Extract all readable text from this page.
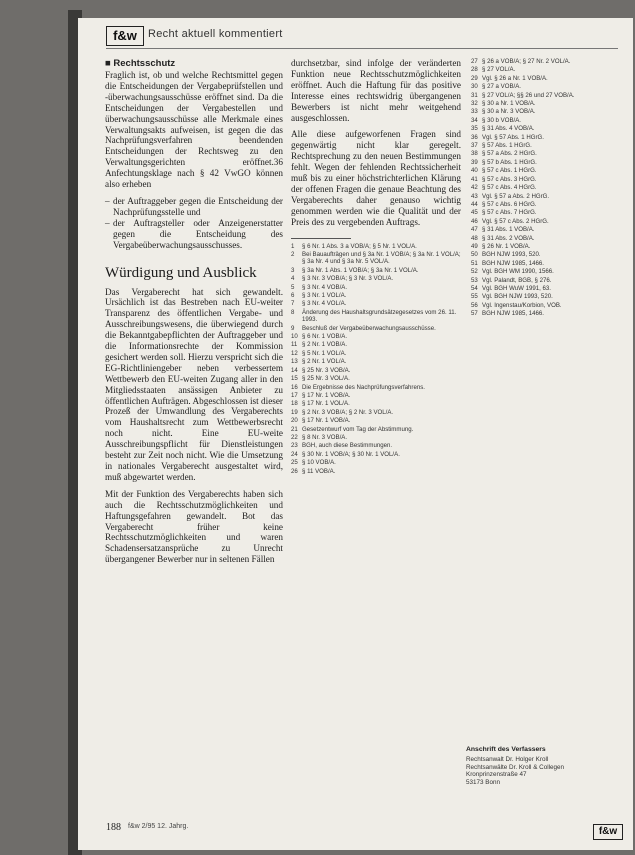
f&w	Recht aktuell kommentiert
■ Rechtsschutz

Fraglich ist, ob und welche Rechtsmittel gegen die Entscheidungen der Vergabeprüfstellen und -überwachungsausschüsse eröffnet sind. Da die Entscheidungen der Vergabestellen und überwachungsausschüsse alle Merkmale eines Verwaltungsakts aufweisen, ist gegen die das Nachprüfungsverfahren beendenden Entscheidungen der Rechtsweg zu den Verwaltungsgerichten eröffnet.36 Anfechtungsklage nach § 42 VwGO können also erheben

– der Auftraggeber gegen die Entscheidung der Nachprüfungsstelle und
– der Auftragsteller oder Anzeigenerstatter gegen die Entscheidung des Vergabeüberwachungsausschusses.
Würdigung und Ausblick

Das Vergaberecht hat sich gewandelt. Ursächlich ist das Bestreben nach EU-weiter Transparenz des öffentlichen Vergabe- und Ausschreibungswesens, die überwiegend durch die Bekanntgabepflichten der Auftraggeber und die Informationsrechte der Kommission gesichert werden soll. Hierzu verspricht sich die EG-Richtliniengeber neben verbessertem Wettbewerb den EU-weiten Zugang aller in den Mitgliedsstaaten ansässigen Anbieter zu öffentlichen Aufträgen. Abgeschlossen ist dieser Prozeß der Umwandlung des Vergaberechts vom Haushaltsrecht zum Wettbewerbsrecht noch nicht. Eine EU-weite Ausschreibungspflicht für Dienstleistungen besteht zur Zeit noch nicht. Wie die Umsetzung in nationales Vergaberecht ausgestaltet wird, muß abgewartet werden.

Mit der Funktion des Vergaberechts haben sich auch die Rechtsschutzmöglichkeiten und Haftungsgefahren gewandelt. Bot das Vergaberecht früher keine Rechtsschutzmöglichkeiten und waren Schadensersatzansprüche zu Unrecht übergangener Bewerber nur in seltenen Fällen

durchsetzbar, sind infolge der veränderten Funktion neue Rechtsschutzmöglichkeiten eröffnet. Auch die Haftung für das positive Interesse eines rechtswidrig übergangenen Bewerbers ist nicht mehr weitgehend ausgeschlossen.

Alle diese aufgeworfenen Fragen sind gegenwärtig nicht klar geregelt. Rechtsprechung zu den neuen Bestimmungen fehlt. Wegen der fehlenden Rechtssicherheit muß bis zu einer höchstrichterlichen Klärung der offenen Fragen die genaue Beachtung des Vergaberechts daher genauso wichtig genommen werden wie die Qualität und der Preis des zu vergebenden Auftrags.

1	§ 6 Nr. 1 Abs. 3 a VOB/A; § 5 Nr. 1 VOL/A.
2	Bei Bauaufträgen und § 3a Nr. 1 VOB/A; § 3a Nr. 1 VOL/A; § 3a Nr. 4 und § 3a Nr. 5 VOL/A.
3	§ 3a Nr. 1 Abs. 1 VOB/A; § 3a Nr. 1 VOL/A.
4	§ 3 Nr. 3 VOB/A; § 3 Nr. 3 VOL/A.
5	§ 3 Nr. 4 VOB/A.
6	§ 3 Nr. 1 VOL/A.
7	§ 3 Nr. 4 VOL/A.
8	Änderung des Haushaltsgrundsätzegesetzes vom 26. 11. 1993.
9	Beschluß der Vergabeüberwachungsausschüsse.
10 § 6 Nr. 1 VOB/A.
11 § 2 Nr. 1 VOB/A.
12 § 5 Nr. 1 VOL/A.
13 § 2 Nr. 1 VOL/A.
14 § 25 Nr. 3 VOB/A.
15 § 25 Nr. 3 VOL/A.
16 Die Ergebnisse des Nachprüfungsverfahrens.
17 § 17 Nr. 1 VOB/A.
18 § 17 Nr. 1 VOL/A.
19 § 2 Nr. 3 VOB/A; § 2 Nr. 3 VOL/A.
20 § 17 Nr. 1 VOB/A.
21 Gesetzentwurf vom Tag der Abstimmung.
22 § 8 Nr. 3 VOB/A.
23 BGH, auch diese Bestimmungen.
24 § 30 Nr. 1 VOB/A; § 30 Nr. 1 VOL/A.
25 § 10 VOB/A.
26 § 11 VOB/A.
27 § 26 a VOB/A; § 27 Nr. 2 VOL/A.
28 § 27 VOL/A.
29 Vgl. § 26 a Nr. 1 VOB/A.
30 § 27 a VOB/A.
31 § 27 VOL/A; §§ 26 und 27 VOB/A.
32 § 30 a Nr. 1 VOB/A.
33 § 30 a Nr. 3 VOB/A.
34 § 30 b VOB/A.
35 § 31 Abs. 4 VOB/A.
36 Vgl. § 57 Abs. 1 HGrG.
37 § 57 Abs. 1 HGrG.
38 § 57 a Abs. 2 HGrG.
39 § 57 b Abs. 1 HGrG.
40 § 57 c Abs. 1 HGrG.
41 § 57 c Abs. 3 HGrG.
42 § 57 c Abs. 4 HGrG.
43 Vgl. § 57 a Abs. 2 HGrG.
44 § 57 c Abs. 6 HGrG.
45 § 57 c Abs. 7 HGrG.
46 Vgl. § 57 c Abs. 2 HGrG.
47 § 31 Abs. 1 VOB/A.
48 § 31 Abs. 2 VOB/A.
49 § 26 Nr. 1 VOB/A.
50 BGH NJW 1993, 520.
51 BGH NJW 1985, 1466.
52 Vgl. BGH WM 1990, 1566.
53 Vgl. Palandt, BGB, § 276.
54 Vgl. BGH WuW 1991, 63.
55 Vgl. BGH NJW 1993, 520.
56 Vgl. Ingenstau/Korbion, VOB.
57 BGH NJW 1985, 1466.
Anschrift des Verfassers
Rechtsanwalt Dr. Holger Kroll
Rechtsanwälte Dr. Kroll & Collegen
Kronprinzenstraße 47
53173 Bonn
188 f&w 2/95 12. Jahrg.	f&w
